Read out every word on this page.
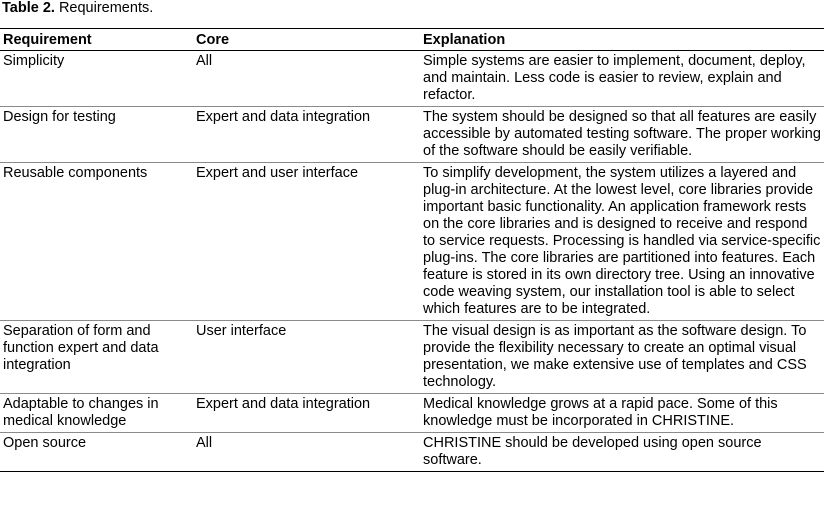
Table 2. Requirements.
Requirement	Core	Explanation
Simplicity	All	Simple systems are easier to implement, document, deploy, and maintain. Less code is easier to review, explain and refactor.
Design for testing	Expert and data integration	The system should be designed so that all features are easily accessible by automated testing software. The proper working of the software should be easily verifiable.
Reusable components	Expert and user interface	To simplify development, the system utilizes a layered and plug-in architecture. At the lowest level, core libraries provide important basic functionality. An application framework rests on the core libraries and is designed to receive and respond to service requests. Processing is handled via service-specific plug-ins. The core libraries are partitioned into features. Each feature is stored in its own directory tree. Using an innovative code weaving system, our installation tool is able to select which features are to be integrated.
Separation of form and function expert and data integration	User interface	The visual design is as important as the software design. To provide the flexibility necessary to create an optimal visual presentation, we make extensive use of templates and CSS technology.
Adaptable to changes in medical knowledge	Expert and data integration	Medical knowledge grows at a rapid pace. Some of this knowledge must be incorporated in CHRISTINE.
Open source	All	CHRISTINE should be developed using open source software.
